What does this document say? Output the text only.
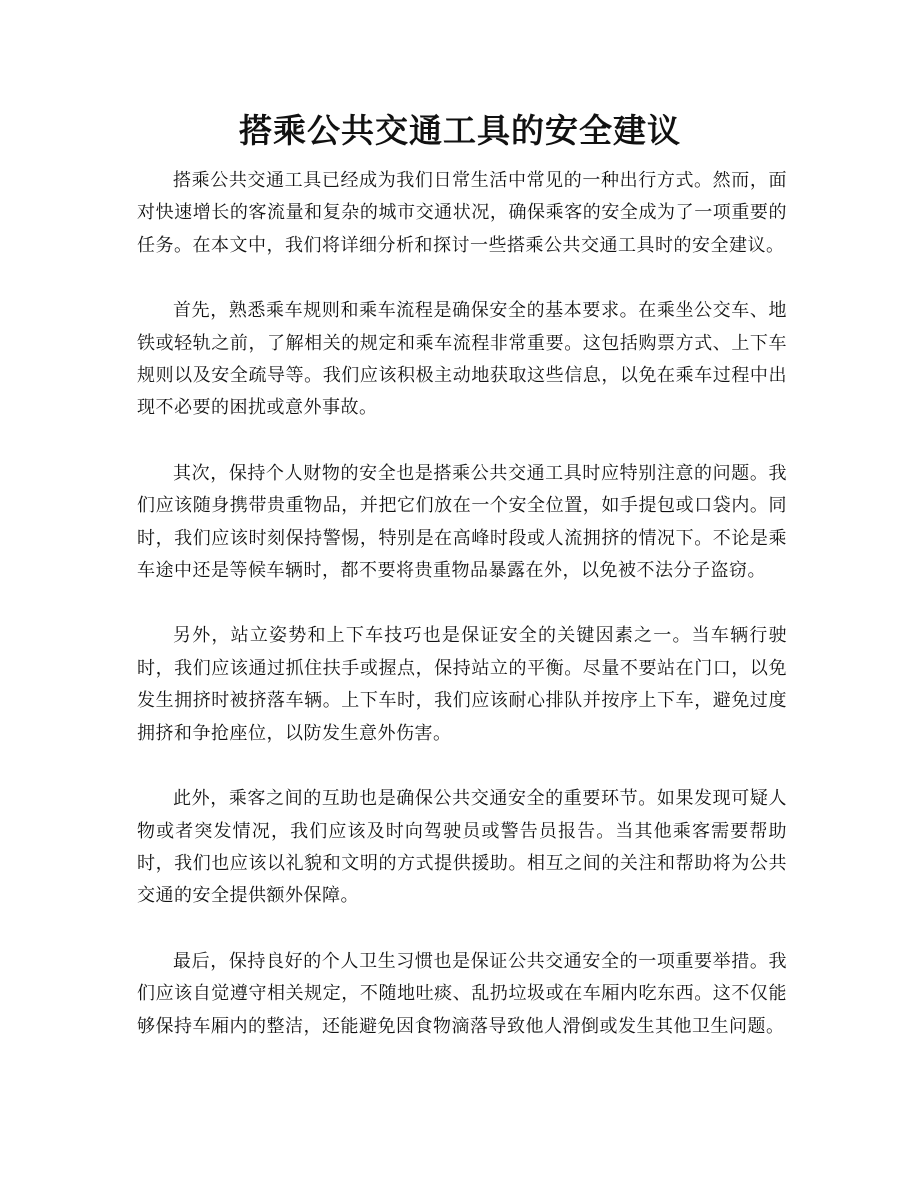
搭乘公共交通工具的安全建议

搭乘公共交通工具已经成为我们日常生活中常见的一种出行方式。然而，面对快速增长的客流量和复杂的城市交通状况，确保乘客的安全成为了一项重要的任务。在本文中，我们将详细分析和探讨一些搭乘公共交通工具时的安全建议。

首先，熟悉乘车规则和乘车流程是确保安全的基本要求。在乘坐公交车、地铁或轻轨之前，了解相关的规定和乘车流程非常重要。这包括购票方式、上下车规则以及安全疏导等。我们应该积极主动地获取这些信息，以免在乘车过程中出现不必要的困扰或意外事故。

其次，保持个人财物的安全也是搭乘公共交通工具时应特别注意的问题。我们应该随身携带贵重物品，并把它们放在一个安全位置，如手提包或口袋内。同时，我们应该时刻保持警惕，特别是在高峰时段或人流拥挤的情况下。不论是乘车途中还是等候车辆时，都不要将贵重物品暴露在外，以免被不法分子盗窃。

另外，站立姿势和上下车技巧也是保证安全的关键因素之一。当车辆行驶时，我们应该通过抓住扶手或握点，保持站立的平衡。尽量不要站在门口，以免发生拥挤时被挤落车辆。上下车时，我们应该耐心排队并按序上下车，避免过度拥挤和争抢座位，以防发生意外伤害。

此外，乘客之间的互助也是确保公共交通安全的重要环节。如果发现可疑人物或者突发情况，我们应该及时向驾驶员或警告员报告。当其他乘客需要帮助时，我们也应该以礼貌和文明的方式提供援助。相互之间的关注和帮助将为公共交通的安全提供额外保障。

最后，保持良好的个人卫生习惯也是保证公共交通安全的一项重要举措。我们应该自觉遵守相关规定，不随地吐痰、乱扔垃圾或在车厢内吃东西。这不仅能够保持车厢内的整洁，还能避免因食物滴落导致他人滑倒或发生其他卫生问题。
